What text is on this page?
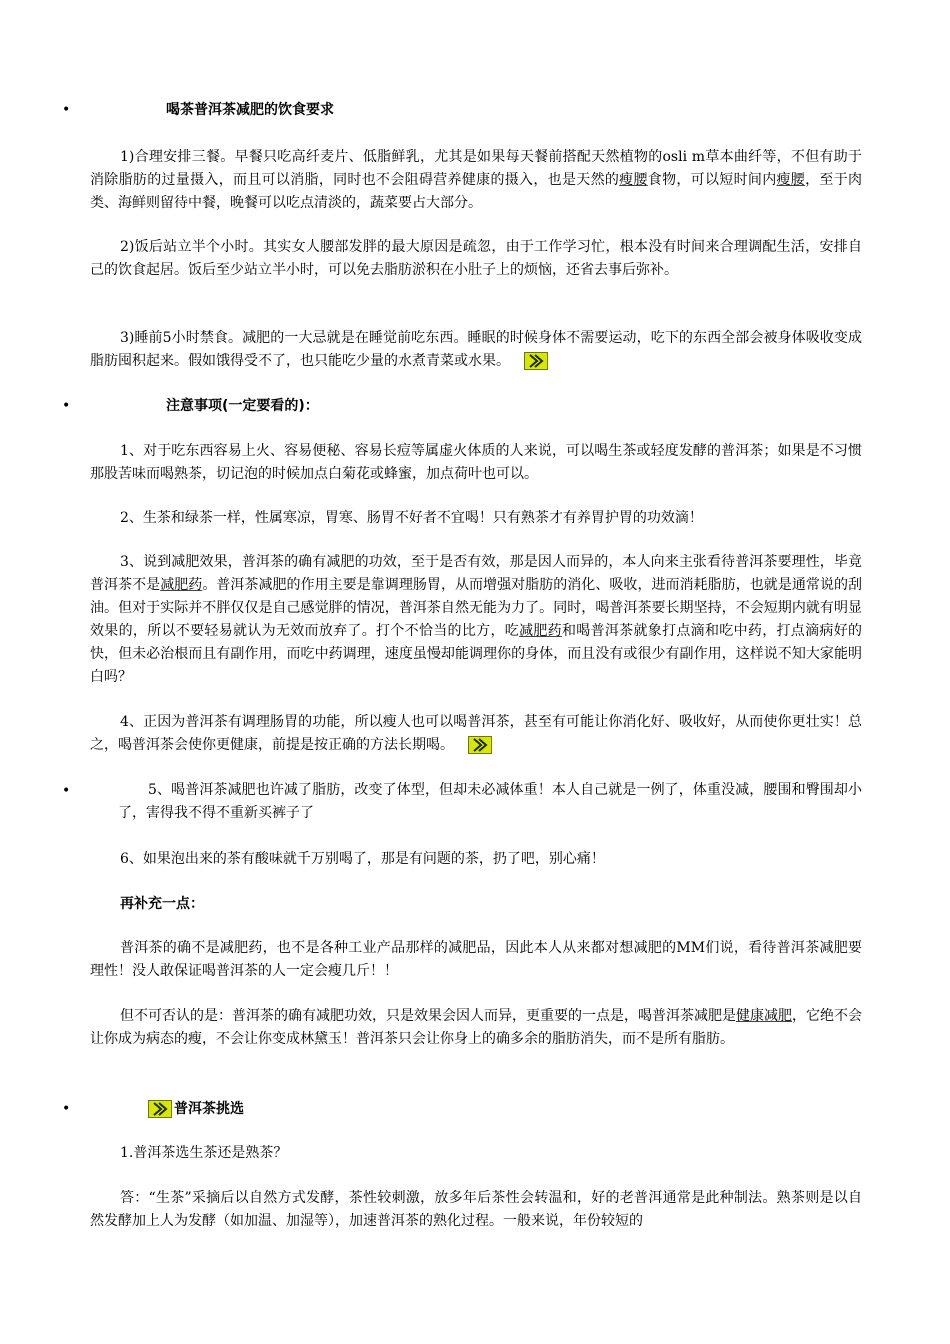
•	喝茶普洱茶减肥的饮食要求

1)合理安排三餐。早餐只吃高纤麦片、低脂鲜乳，尤其是如果每天餐前搭配天然植物的osli m草本曲纤等，不但有助于消除脂肪的过量摄入，而且可以消脂，同时也不会阻碍营养健康的摄入，也是天然的瘦腰食物，可以短时间内瘦腰，至于肉类、海鲜则留待中餐，晚餐可以吃点清淡的，蔬菜要占大部分。

2)饭后站立半个小时。其实女人腰部发胖的最大原因是疏忽，由于工作学习忙，根本没有时间来合理调配生活，安排自己的饮食起居。饭后至少站立半小时，可以免去脂肪淤积在小肚子上的烦恼，还省去事后弥补。

3)睡前5小时禁食。减肥的一大忌就是在睡觉前吃东西。睡眠的时候身体不需要运动，吃下的东西全部会被身体吸收变成脂肪囤积起来。假如饿得受不了，也只能吃少量的水煮青菜或水果。

•	注意事项(一定要看的)：

1、对于吃东西容易上火、容易便秘、容易长痘等属虚火体质的人来说，可以喝生茶或轻度发酵的普洱茶；如果是不习惯那股苦味而喝熟茶，切记泡的时候加点白菊花或蜂蜜，加点荷叶也可以。

2、生茶和绿茶一样，性属寒凉，胃寒、肠胃不好者不宜喝！只有熟茶才有养胃护胃的功效滴！

3、说到减肥效果，普洱茶的确有减肥的功效，至于是否有效，那是因人而异的，本人向来主张看待普洱茶要理性，毕竟普洱茶不是减肥药。普洱茶减肥的作用主要是靠调理肠胃，从而增强对脂肪的消化、吸收，进而消耗脂肪，也就是通常说的刮油。但对于实际并不胖仅仅是自己感觉胖的情况，普洱茶自然无能为力了。同时，喝普洱茶要长期坚持，不会短期内就有明显效果的，所以不要轻易就认为无效而放弃了。打个不恰当的比方，吃减肥药和喝普洱茶就象打点滴和吃中药，打点滴病好的快，但未必治根而且有副作用，而吃中药调理，速度虽慢却能调理你的身体，而且没有或很少有副作用，这样说不知大家能明白吗？

4、正因为普洱茶有调理肠胃的功能，所以瘦人也可以喝普洱茶，甚至有可能让你消化好、吸收好，从而使你更壮实！总之，喝普洱茶会使你更健康，前提是按正确的方法长期喝。

•	5、喝普洱茶减肥也许减了脂肪，改变了体型，但却未必减体重！本人自己就是一例了，体重没减，腰围和臀围却小了，害得我不得不重新买裤子了

6、如果泡出来的茶有酸味就千万别喝了，那是有问题的茶，扔了吧，别心痛！

再补充一点：

普洱茶的确不是减肥药，也不是各种工业产品那样的减肥品，因此本人从来都对想减肥的MM们说，看待普洱茶减肥要理性！没人敢保证喝普洱茶的人一定会瘦几斤！！

但不可否认的是：普洱茶的确有减肥功效，只是效果会因人而异，更重要的一点是，喝普洱茶减肥是健康减肥，它绝不会让你成为病态的瘦，不会让你变成林黛玉！普洱茶只会让你身上的确多余的脂肪消失，而不是所有脂肪。

•	普洱茶挑选

1.普洱茶选生茶还是熟茶？

答：“生茶”采摘后以自然方式发酵，茶性较刺激，放多年后茶性会转温和，好的老普洱通常是此种制法。熟茶则是以自然发酵加上人为发酵（如加温、加湿等），加速普洱茶的熟化过程。一般来说，年份较短的
